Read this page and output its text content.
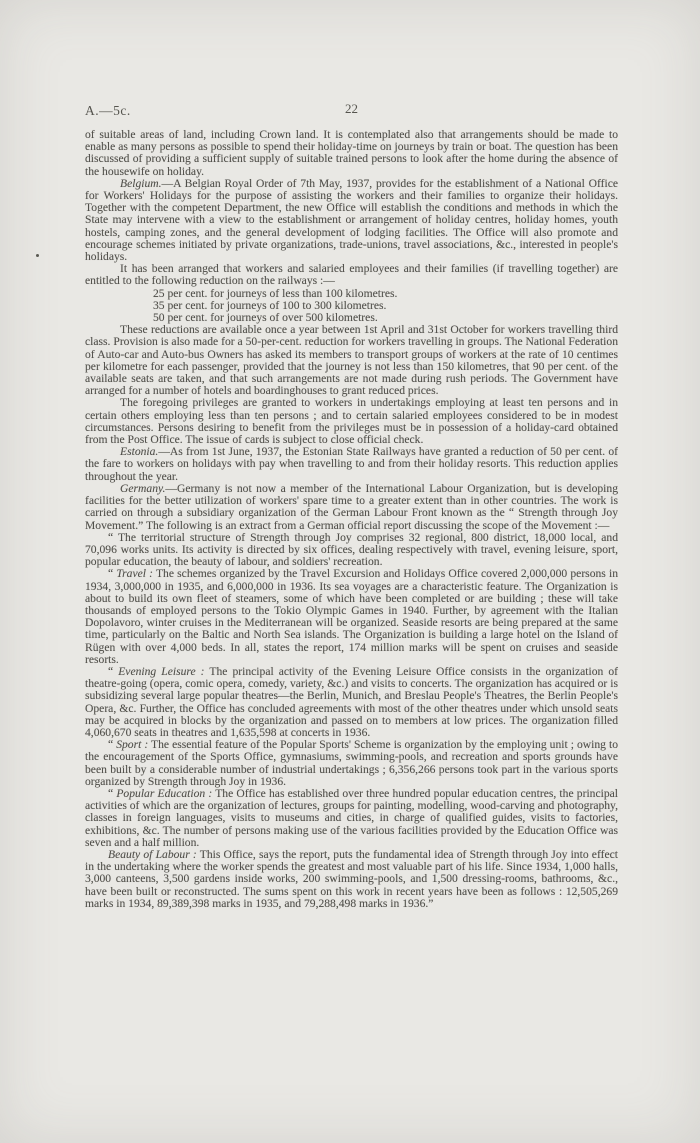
A.—5c.	22

of suitable areas of land, including Crown land. It is contemplated also that arrangements should be made to enable as many persons as possible to spend their holiday-time on journeys by train or boat. The question has been discussed of providing a sufficient supply of suitable trained persons to look after the home during the absence of the housewife on holiday.

Belgium.—A Belgian Royal Order of 7th May, 1937, provides for the establishment of a National Office for Workers' Holidays for the purpose of assisting the workers and their families to organize their holidays. Together with the competent Department, the new Office will establish the conditions and methods in which the State may intervene with a view to the establishment or arrangement of holiday centres, holiday homes, youth hostels, camping zones, and the general development of lodging facilities. The Office will also promote and encourage schemes initiated by private organizations, trade-unions, travel associations, &c., interested in people's holidays.

It has been arranged that workers and salaried employees and their families (if travelling together) are entitled to the following reduction on the railways :—

25 per cent. for journeys of less than 100 kilometres.
35 per cent. for journeys of 100 to 300 kilometres.
50 per cent. for journeys of over 500 kilometres.

These reductions are available once a year between 1st April and 31st October for workers travelling third class. Provision is also made for a 50-per-cent. reduction for workers travelling in groups. The National Federation of Auto-car and Auto-bus Owners has asked its members to transport groups of workers at the rate of 10 centimes per kilometre for each passenger, provided that the journey is not less than 150 kilometres, that 90 per cent. of the available seats are taken, and that such arrangements are not made during rush periods. The Government have arranged for a number of hotels and boardinghouses to grant reduced prices.

The foregoing privileges are granted to workers in undertakings employing at least ten persons and in certain others employing less than ten persons ; and to certain salaried employees considered to be in modest circumstances. Persons desiring to benefit from the privileges must be in possession of a holiday-card obtained from the Post Office. The issue of cards is subject to close official check.

Estonia.—As from 1st June, 1937, the Estonian State Railways have granted a reduction of 50 per cent. of the fare to workers on holidays with pay when travelling to and from their holiday resorts. This reduction applies throughout the year.

Germany.—Germany is not now a member of the International Labour Organization, but is developing facilities for the better utilization of workers' spare time to a greater extent than in other countries. The work is carried on through a subsidiary organization of the German Labour Front known as the “ Strength through Joy Movement.” The following is an extract from a German official report discussing the scope of the Movement :—

“ The territorial structure of Strength through Joy comprises 32 regional, 800 district, 18,000 local, and 70,096 works units. Its activity is directed by six offices, dealing respectively with travel, evening leisure, sport, popular education, the beauty of labour, and soldiers' recreation.

“ Travel : The schemes organized by the Travel Excursion and Holidays Office covered 2,000,000 persons in 1934, 3,000,000 in 1935, and 6,000,000 in 1936. Its sea voyages are a characteristic feature. The Organization is about to build its own fleet of steamers, some of which have been completed or are building ; these will take thousands of employed persons to the Tokio Olympic Games in 1940. Further, by agreement with the Italian Dopolavoro, winter cruises in the Mediterranean will be organized. Seaside resorts are being prepared at the same time, particularly on the Baltic and North Sea islands. The Organization is building a large hotel on the Island of Rügen with over 4,000 beds. In all, states the report, 174 million marks will be spent on cruises and seaside resorts.

“ Evening Leisure : The principal activity of the Evening Leisure Office consists in the organization of theatre-going (opera, comic opera, comedy, variety, &c.) and visits to concerts. The organization has acquired or is subsidizing several large popular theatres—the Berlin, Munich, and Breslau People's Theatres, the Berlin People's Opera, &c. Further, the Office has concluded agreements with most of the other theatres under which unsold seats may be acquired in blocks by the organization and passed on to members at low prices. The organization filled 4,060,670 seats in theatres and 1,635,598 at concerts in 1936.

“ Sport : The essential feature of the Popular Sports' Scheme is organization by the employing unit ; owing to the encouragement of the Sports Office, gymnasiums, swimming-pools, and recreation and sports grounds have been built by a considerable number of industrial undertakings ; 6,356,266 persons took part in the various sports organized by Strength through Joy in 1936.

“ Popular Education : The Office has established over three hundred popular education centres, the principal activities of which are the organization of lectures, groups for painting, modelling, wood-carving and photography, classes in foreign languages, visits to museums and cities, in charge of qualified guides, visits to factories, exhibitions, &c. The number of persons making use of the various facilities provided by the Education Office was seven and a half million.

Beauty of Labour : This Office, says the report, puts the fundamental idea of Strength through Joy into effect in the undertaking where the worker spends the greatest and most valuable part of his life. Since 1934, 1,000 halls, 3,000 canteens, 3,500 gardens inside works, 200 swimming-pools, and 1,500 dressing-rooms, bathrooms, &c., have been built or reconstructed. The sums spent on this work in recent years have been as follows : 12,505,269 marks in 1934, 89,389,398 marks in 1935, and 79,288,498 marks in 1936.”
